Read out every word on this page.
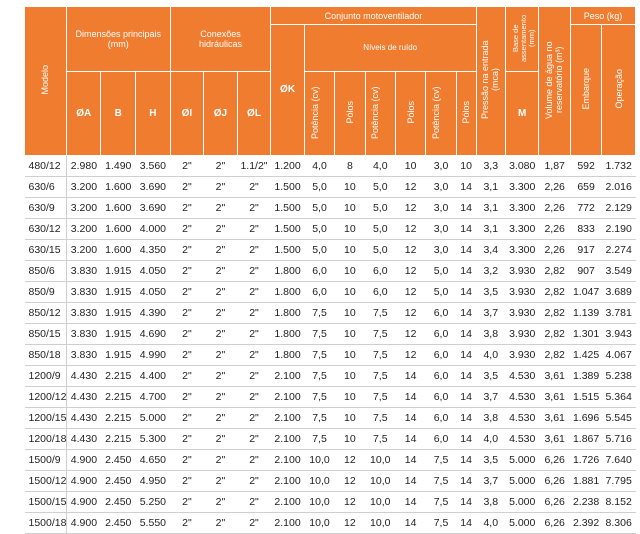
Modelo	Dimensões principais (mm)			Conexões hidráulicas			Conjunto motoventilador							Pressão na entrada (mca)	Base de assentamento (mm)	Volume de água no reservatório (m³)	Peso (kg)	
							ØK	Níveis de ruído									Embarque	Operação
	ØA	B	H	ØI	ØJ	ØL		Potência (cv)	Pólos	Potência (cv)	Pólos	Potência (cv)	Pólos		M			
480/12	2.980	1.490	3.560	2"	2"	1.1/2"	1.200	4,0	8	4,0	10	3,0	10	3,3	3.080	1,87	592	1.732
630/6	3.200	1.600	3.690	2"	2"	2"	1.500	5,0	10	5,0	12	3,0	14	3,1	3.300	2,26	659	2.016
630/9	3.200	1.600	3.690	2"	2"	2"	1.500	5,0	10	5,0	12	3,0	14	3,1	3.300	2,26	772	2.129
630/12	3.200	1.600	4.000	2"	2"	2"	1.500	5,0	10	5,0	12	3,0	14	3,1	3.300	2,26	833	2.190
630/15	3.200	1.600	4.350	2"	2"	2"	1.500	5,0	10	5,0	12	3,0	14	3,4	3.300	2,26	917	2.274
850/6	3.830	1.915	4.050	2"	2"	2"	1.800	6,0	10	6,0	12	5,0	14	3,2	3.930	2,82	907	3.549
850/9	3.830	1.915	4.050	2"	2"	2"	1.800	6,0	10	6,0	12	5,0	14	3,5	3.930	2,82	1.047	3.689
850/12	3.830	1.915	4.390	2"	2"	2"	1.800	7,5	10	7,5	12	6,0	14	3,7	3.930	2,82	1.139	3.781
850/15	3.830	1.915	4.690	2"	2"	2"	1.800	7,5	10	7,5	12	6,0	14	3,8	3.930	2,82	1.301	3.943
850/18	3.830	1.915	4.990	2"	2"	2"	1.800	7,5	10	7,5	12	6,0	14	4,0	3.930	2,82	1.425	4.067
1200/9	4.430	2.215	4.400	2"	2"	2"	2.100	7,5	10	7,5	14	6,0	14	3,5	4.530	3,61	1.389	5.238
1200/12	4.430	2.215	4.700	2"	2"	2"	2.100	7,5	10	7,5	14	6,0	14	3,7	4.530	3,61	1.515	5.364
1200/15	4.430	2.215	5.000	2"	2"	2"	2.100	7,5	10	7,5	14	6,0	14	3,8	4.530	3,61	1.696	5.545
1200/18	4.430	2.215	5.300	2"	2"	2"	2.100	7,5	10	7,5	14	6,0	14	4,0	4.530	3,61	1.867	5.716
1500/9	4.900	2.450	4.650	2"	2"	2"	2.100	10,0	12	10,0	14	7,5	14	3,5	5.000	6,26	1.726	7.640
1500/12	4.900	2.450	4.950	2"	2"	2"	2.100	10,0	12	10,0	14	7,5	14	3,7	5.000	6,26	1.881	7.795
1500/15	4.900	2.450	5.250	2"	2"	2"	2.100	10,0	12	10,0	14	7,5	14	3,8	5.000	6,26	2.238	8.152
1500/18	4.900	2.450	5.550	2"	2"	2"	2.100	10,0	12	10,0	14	7,5	14	4,0	5.000	6,26	2.392	8.306
